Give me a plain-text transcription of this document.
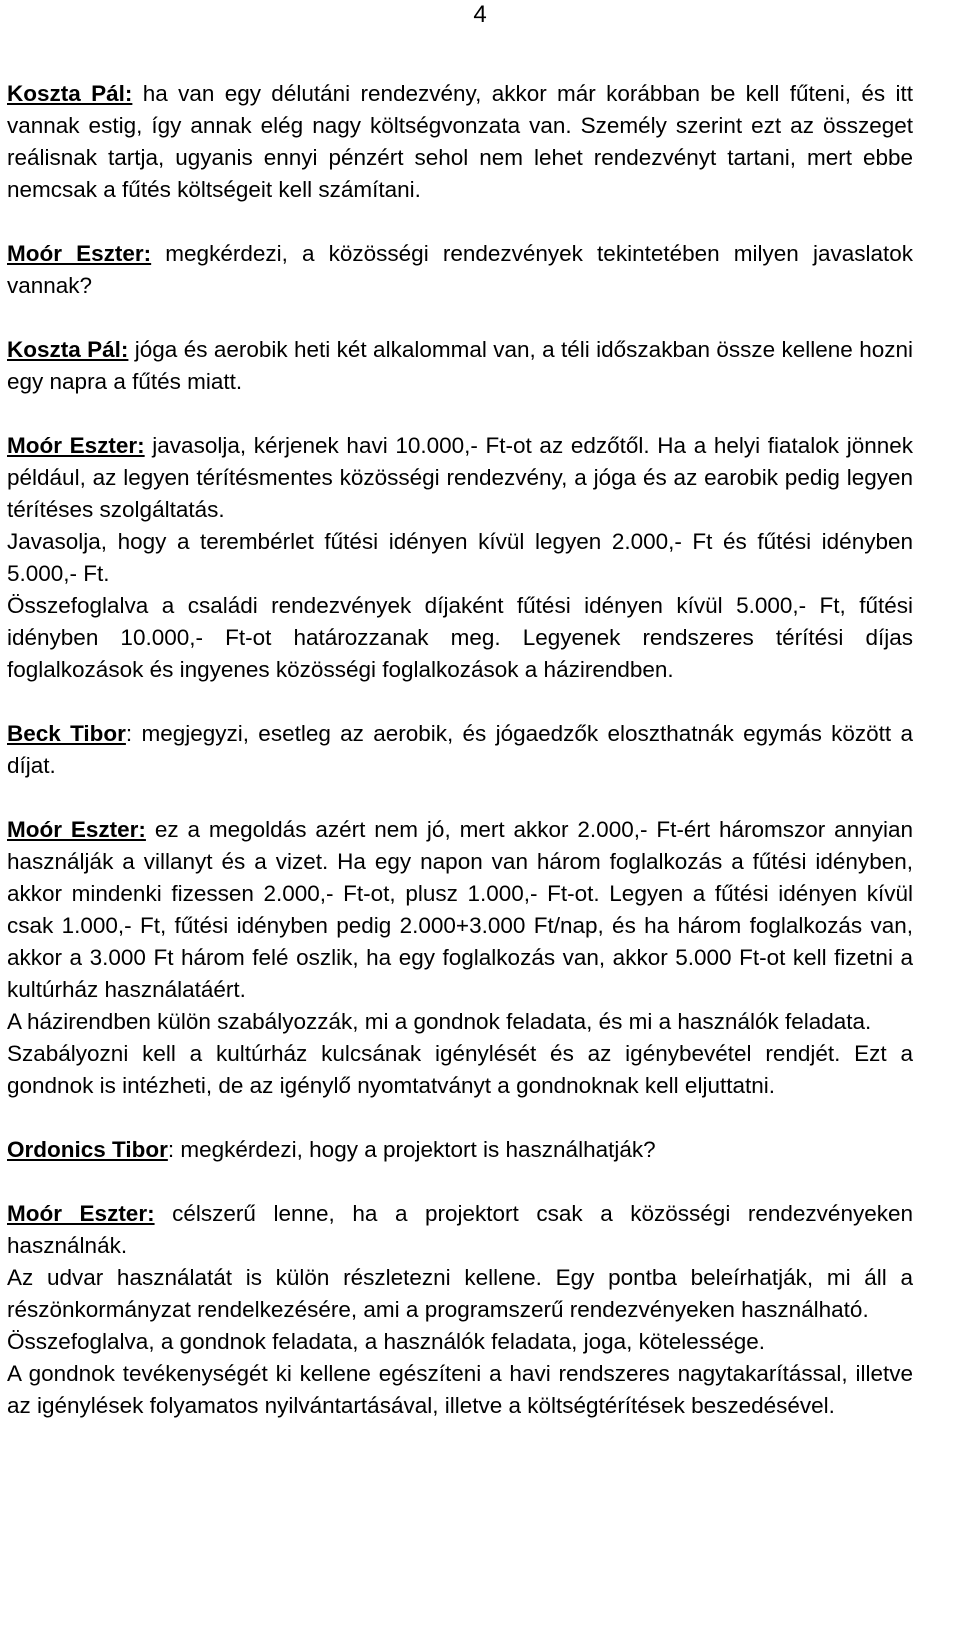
4

Koszta Pál: ha van egy délutáni rendezvény, akkor már korábban be kell fűteni, és itt vannak estig, így annak elég nagy költségvonzata van. Személy szerint ezt az összeget reálisnak tartja, ugyanis ennyi pénzért sehol nem lehet rendezvényt tartani, mert ebbe nemcsak a fűtés költségeit kell számítani.

Moór Eszter: megkérdezi, a közösségi rendezvények tekintetében milyen javaslatok vannak?

Koszta Pál: jóga és aerobik heti két alkalommal van, a téli időszakban össze kellene hozni egy napra a fűtés miatt.

Moór Eszter: javasolja, kérjenek havi 10.000,- Ft-ot az edzőtől. Ha a helyi fiatalok jönnek például, az legyen térítésmentes közösségi rendezvény, a jóga és az earobik pedig legyen térítéses szolgáltatás.
Javasolja, hogy a terembérlet fűtési idényen kívül legyen 2.000,- Ft és fűtési idényben 5.000,- Ft.
Összefoglalva a családi rendezvények díjaként fűtési idényen kívül 5.000,- Ft, fűtési idényben 10.000,- Ft-ot határozzanak meg. Legyenek rendszeres térítési díjas foglalkozások és ingyenes közösségi foglalkozások a házirendben.

Beck Tibor: megjegyzi, esetleg az aerobik, és jógaedzők eloszthatnák egymás között a díjat.

Moór Eszter: ez a megoldás azért nem jó, mert akkor 2.000,- Ft-ért háromszor annyian használják a villanyt és a vizet. Ha egy napon van három foglalkozás a fűtési idényben, akkor mindenki fizessen 2.000,- Ft-ot, plusz 1.000,- Ft-ot. Legyen a fűtési idényen kívül csak 1.000,- Ft, fűtési idényben pedig 2.000+3.000 Ft/nap, és ha három foglalkozás van, akkor a 3.000 Ft három felé oszlik, ha egy foglalkozás van, akkor 5.000 Ft-ot kell fizetni a kultúrház használatáért.
A házirendben külön szabályozzák, mi a gondnok feladata, és mi a használók feladata.
Szabályozni kell a kultúrház kulcsának igénylését és az igénybevétel rendjét. Ezt a gondnok is intézheti, de az igénylő nyomtatványt a gondnoknak kell eljuttatni.

Ordonics Tibor: megkérdezi, hogy a projektort is használhatják?

Moór Eszter: célszerű lenne, ha a projektort csak a közösségi rendezvényeken használnák.
Az udvar használatát is külön részletezni kellene. Egy pontba beleírhatják, mi áll a részönkormányzat rendelkezésére, ami a programszerű rendezvényeken használható.
Összefoglalva, a gondnok feladata, a használók feladata, joga, kötelessége.
A gondnok tevékenységét ki kellene egészíteni a havi rendszeres nagytakarítással, illetve az igénylések folyamatos nyilvántartásával, illetve a költségtérítések beszedésével.
